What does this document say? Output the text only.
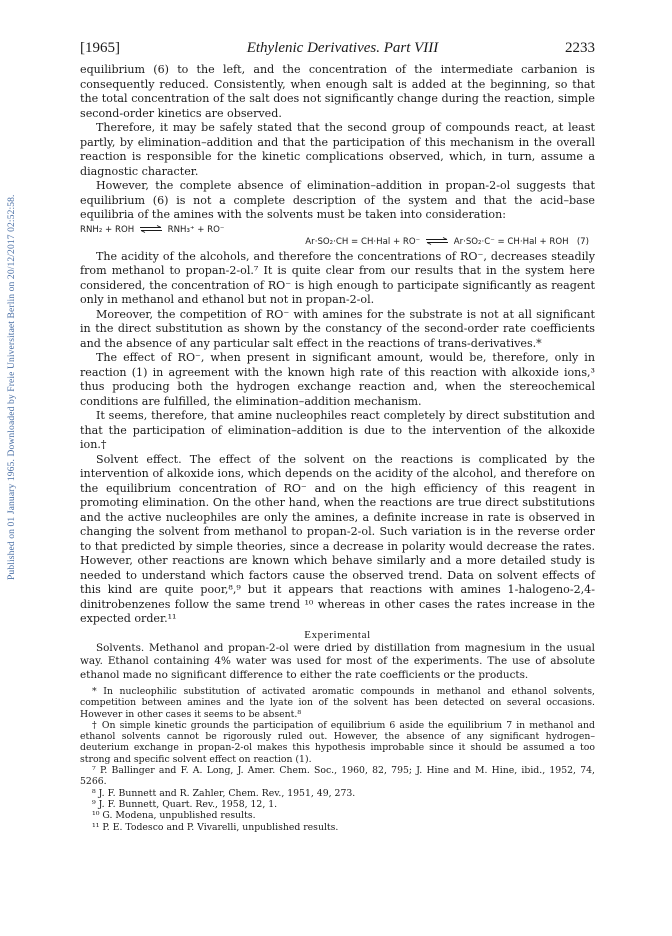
Published on 01 January 1965. Downloaded by Freie Universitaet Berlin on 20/12/2017 02:52:58.
[1965]	Ethylenic Derivatives. Part VIII	2233

equilibrium (6) to the left, and the concentration of the intermediate carbanion is consequently reduced. Consistently, when enough salt is added at the beginning, so that the total concentration of the salt does not significantly change during the reaction, simple second-order kinetics are observed.

Therefore, it may be safely stated that the second group of compounds react, at least partly, by elimination–addition and that the participation of this mechanism in the overall reaction is responsible for the kinetic complications observed, which, in turn, assume a diagnostic character.

However, the complete absence of elimination–addition in propan-2-ol suggests that equilibrium (6) is not a complete description of the system and that the acid–base equilibria of the amines with the solvents must be taken into consideration:

RNH₂ + ROH ⇌ RNH₃⁺ + RO⁻
Ar·SO₂·CH = CH·Hal + RO⁻ ⇌ Ar·SO₂·C⁻ = CH·Hal + ROH (7)

The acidity of the alcohols, and therefore the concentrations of RO⁻, decreases steadily from methanol to propan-2-ol.⁷ It is quite clear from our results that in the system here considered, the concentration of RO⁻ is high enough to participate significantly as reagent only in methanol and ethanol but not in propan-2-ol.

Moreover, the competition of RO⁻ with amines for the substrate is not at all significant in the direct substitution as shown by the constancy of the second-order rate coefficients and the absence of any particular salt effect in the reactions of trans-derivatives.*

The effect of RO⁻, when present in significant amount, would be, therefore, only in reaction (1) in agreement with the known high rate of this reaction with alkoxide ions,³ thus producing both the hydrogen exchange reaction and, when the stereochemical conditions are fulfilled, the elimination–addition mechanism.

It seems, therefore, that amine nucleophiles react completely by direct substitution and that the participation of elimination–addition is due to the intervention of the alkoxide ion.†

Solvent effect. The effect of the solvent on the reactions is complicated by the intervention of alkoxide ions, which depends on the acidity of the alcohol, and therefore on the equilibrium concentration of RO⁻ and on the high efficiency of this reagent in promoting elimination. On the other hand, when the reactions are true direct substitutions and the active nucleophiles are only the amines, a definite increase in rate is observed in changing the solvent from methanol to propan-2-ol. Such variation is in the reverse order to that predicted by simple theories, since a decrease in polarity would decrease the rates. However, other reactions are known which behave similarly and a more detailed study is needed to understand which factors cause the observed trend. Data on solvent effects of this kind are quite poor,⁸,⁹ but it appears that reactions with amines 1-halogeno-2,4-dinitrobenzenes follow the same trend ¹⁰ whereas in other cases the rates increase in the expected order.¹¹

Experimental

Solvents. Methanol and propan-2-ol were dried by distillation from magnesium in the usual way. Ethanol containing 4% water was used for most of the experiments. The use of absolute ethanol made no significant difference to either the rate coefficients or the products.

* In nucleophilic substitution of activated aromatic compounds in methanol and ethanol solvents, competition between amines and the lyate ion of the solvent has been detected on several occasions. However in other cases it seems to be absent.⁸

† On simple kinetic grounds the participation of equilibrium 6 aside the equilibrium 7 in methanol and ethanol solvents cannot be rigorously ruled out. However, the absence of any significant hydrogen–deuterium exchange in propan-2-ol makes this hypothesis improbable since it should be assumed a too strong and specific solvent effect on reaction (1).

⁷ P. Ballinger and F. A. Long, J. Amer. Chem. Soc., 1960, 82, 795; J. Hine and M. Hine, ibid., 1952, 74, 5266.

⁸ J. F. Bunnett and R. Zahler, Chem. Rev., 1951, 49, 273.

⁹ J. F. Bunnett, Quart. Rev., 1958, 12, 1.

¹⁰ G. Modena, unpublished results.

¹¹ P. E. Todesco and P. Vivarelli, unpublished results.
